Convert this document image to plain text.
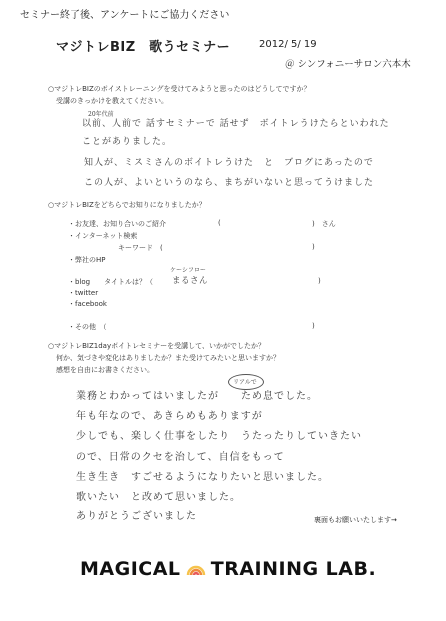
セミナー終了後、アンケートにご協力ください
マジトレBIZ　歌うセミナー	2012/ 5/ 19
＠ シンフォニーサロン六本木
○マジトレBIZのボイストレーニングを受けてみようと思ったのはどうしてですか？
受講のきっかけを教えてください。
20年代前
以前、人前で 話すセミナーで 話せず　ボイトレうけたらといわれた
ことがありました。
知人が、ミスミさんのボイトレうけた　と　ブログにあったので
この人が、よいというのなら、まちがいないと思ってうけました
○マジトレBIZをどちらでお知りになりましたか？
・お友達、お知り合いのご紹介	(	)　さん
・インターネット検索
キーワード　(	)
・弊社のHP
・blog　　タイトルは？（
ケーシフロー
まるさん	)
・twitter
・facebook
・その他　（	)
○マジトレBIZ1dayボイトレセミナーを受講して、いかがでしたか？
何か、気づきや変化はありましたか？また受けてみたいと思いますか？
感想を自由にお書きください。
リアルで
業務とわかってはいましたが　　ため息でした。
年も年なので、あきらめもありますが
少しでも、楽しく仕事をしたり　うたったりしていきたい
ので、日常のクセを治して、自信をもって
生き生き　すごせるようになりたいと思いました。
歌いたい　と改めて思いました。
ありがとうございました	裏面もお願いいたします→
MAGICAL TRAINING LAB.
